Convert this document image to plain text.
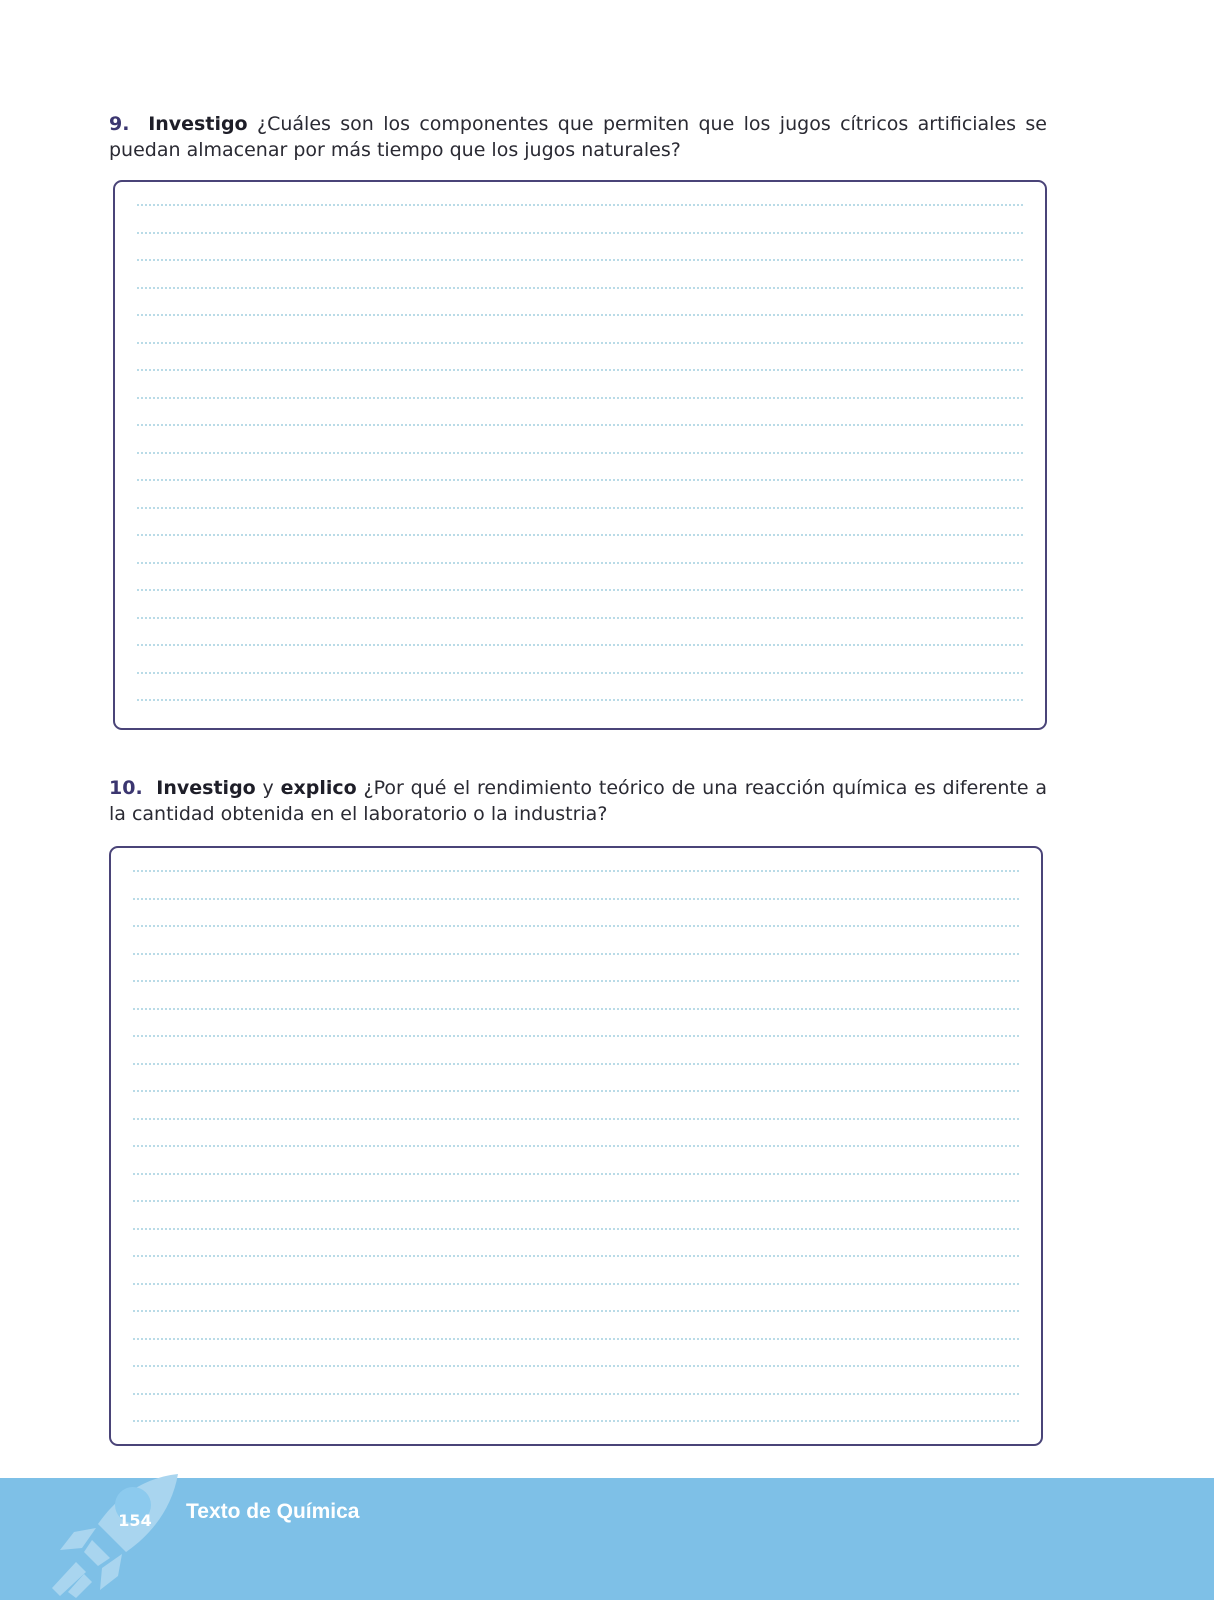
9. Investigo ¿Cuáles son los componentes que permiten que los jugos cítricos artificiales se puedan almacenar por más tiempo que los jugos naturales?

10. Investigo y explico ¿Por qué el rendimiento teórico de una reacción química es diferente a la cantidad obtenida en el laboratorio o la industria?

154 Texto de Química
